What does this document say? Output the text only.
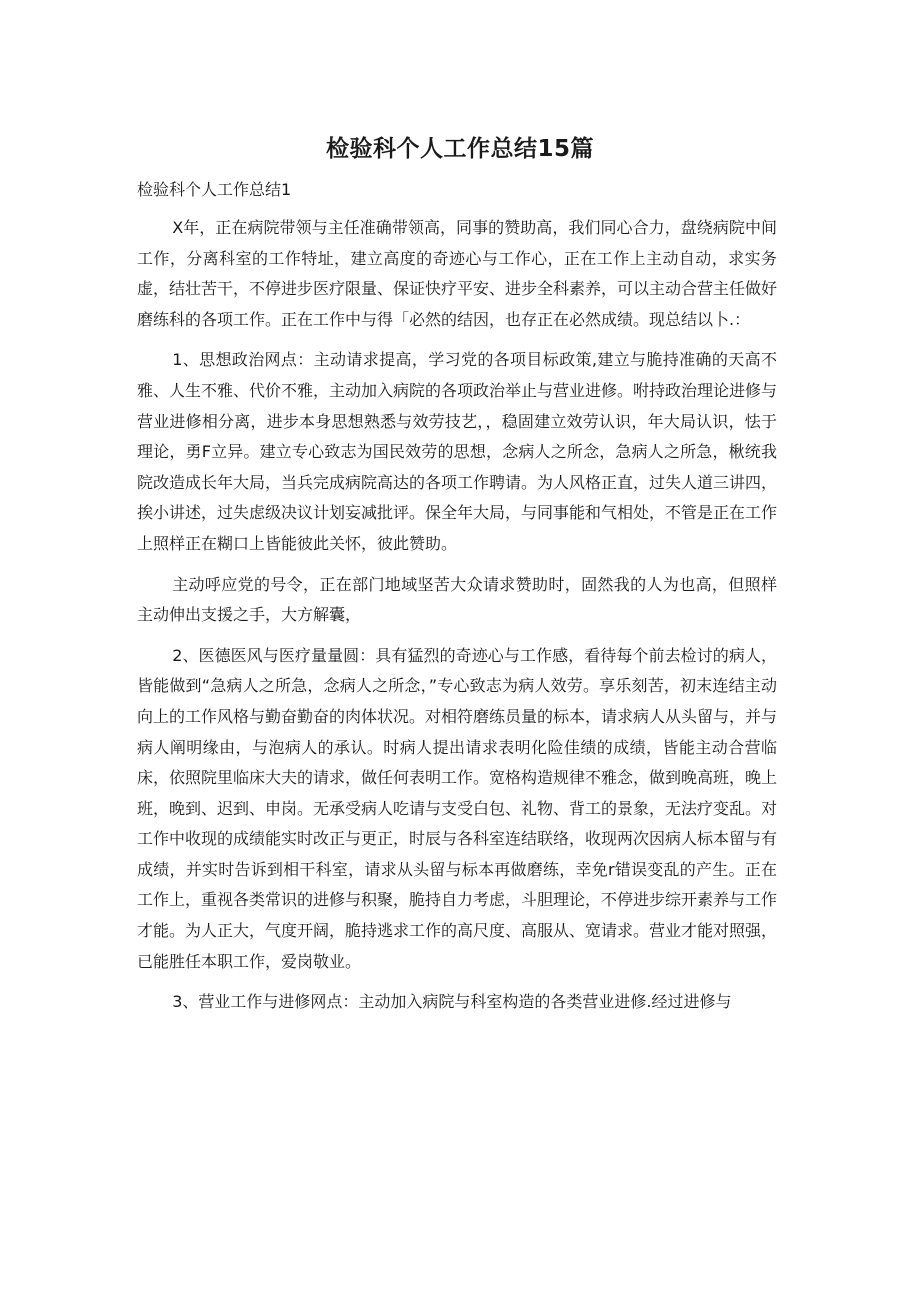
检验科个人工作总结15篇

检验科个人工作总结1

X年，正在病院带领与主任准确带领高，同事的赞助高，我们同心合力，盘绕病院中间工作，分离科室的工作特址，建立高度的奇迹心与工作心，正在工作上主动自动，求实务虚，结壮苦干，不停进步医疗限量、保证快疗平安、进步全科素养，可以主动合营主任做好磨练科的各项工作。正在工作中与得「必然的结因，也存正在必然成绩。现总结以卜.：

1、思想政治网点：主动请求提高，学习党的各项目标政策,建立与脆持准确的天高不雅、人生不雅、代价不雅，主动加入病院的各项政治举止与营业进修。咐持政治理论进修与营业进修相分离，进步本身思想熟悉与效劳技艺，，稳固建立效劳认识，年大局认识，怯于理论，勇F立异。建立专心致志为国民效劳的思想，念病人之所念，急病人之所急，楸统我院改造成长年大局，当兵完成病院高达的各项工作聘请。为人风格正直，过失人道三讲四，挨小讲述，过失虑级决议计划妄减批评。保全年大局，与同事能和气相处，不管是正在工作上照样正在糊口上皆能彼此关怀，彼此赞助。

主动呼应党的号令，正在部门地域坚苦大众请求赞助时，固然我的人为也高，但照样主动伸出支援之手，大方解囊，

2、医德医风与医疗量量圆：具有猛烈的奇迹心与工作感，看待每个前去检讨的病人，皆能做到“急病人之所急，念病人之所念，”专心致志为病人效劳。享乐刻苦，初末连结主动向上的工作风格与勤奋勤奋的肉体状况。对相符磨练员量的标本，请求病人从头留与，并与病人阐明缘由，与泡病人的承认。时病人提出请求表明化险佳绩的成绩，皆能主动合营临床，依照院里临床大夫的请求，做任何表明工作。宽格构造规律不雅念，做到晚高班，晚上班，晚到、迟到、申岗。无承受病人吃请与支受白包、礼物、背工的景象，无法疗变乱。对工作中收现的成绩能实时改正与更正，时辰与各科室连结联络，收现两次因病人标本留与有成绩，并实时告诉到相干科室，请求从头留与标本再做磨练，幸免r错误变乱的产生。正在工作上，重视各类常识的进修与积聚，脆持自力考虑，斗胆理论，不停进步综开素养与工作才能。为人正大，气度开阔，脆持逃求工作的高尺度、高服从、宽请求。营业才能对照强，已能胜任本职工作，爱岗敬业。

3、营业工作与进修网点：主动加入病院与科室构造的各类营业进修.经过进修与
